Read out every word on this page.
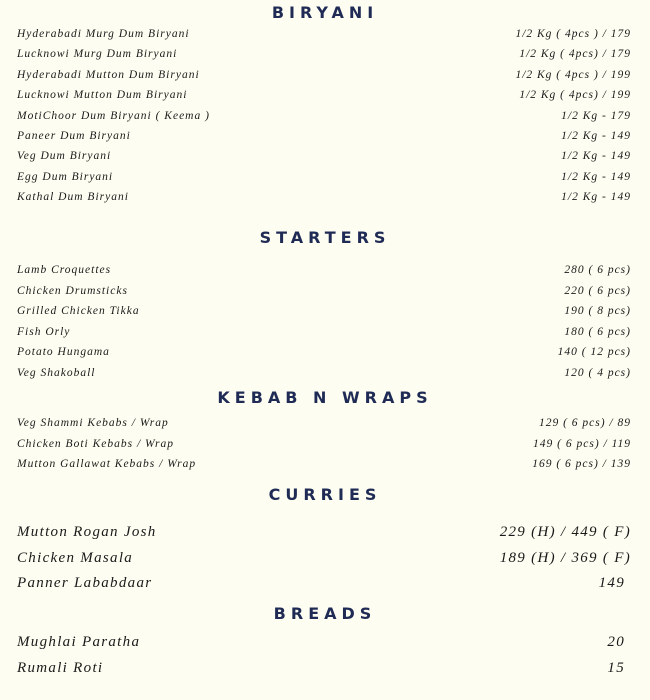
BIRYANI
Hyderabadi Murg Dum Biryani	1/2 Kg ( 4pcs ) / 179
Lucknowi Murg Dum Biryani	1/2 Kg ( 4pcs) / 179
Hyderabadi Mutton Dum Biryani	1/2 Kg ( 4pcs ) / 199
Lucknowi Mutton Dum Biryani	1/2 Kg ( 4pcs) / 199
MotiChoor Dum Biryani ( Keema )	1/2 Kg - 179
Paneer Dum Biryani	1/2 Kg - 149
Veg Dum Biryani	1/2 Kg - 149
Egg Dum Biryani	1/2 Kg - 149
Kathal Dum Biryani	1/2 Kg - 149
STARTERS
Lamb Croquettes	280 ( 6 pcs)
Chicken Drumsticks	220 ( 6 pcs)
Grilled Chicken Tikka	190 ( 8 pcs)
Fish Orly	180 ( 6 pcs)
Potato Hungama	140 ( 12 pcs)
Veg Shakoball	120 ( 4 pcs)
KEBAB N WRAPS
Veg Shammi Kebabs / Wrap	129 ( 6 pcs) / 89
Chicken Boti Kebabs / Wrap	149 ( 6 pcs) / 119
Mutton Gallawat Kebabs / Wrap	169 ( 6 pcs) / 139
CURRIES
Mutton Rogan Josh	229 (H) / 449 ( F)
Chicken Masala	189 (H) / 369 ( F)
Panner Lababdaar	149
BREADS
Mughlai Paratha	20
Rumali Roti	15
